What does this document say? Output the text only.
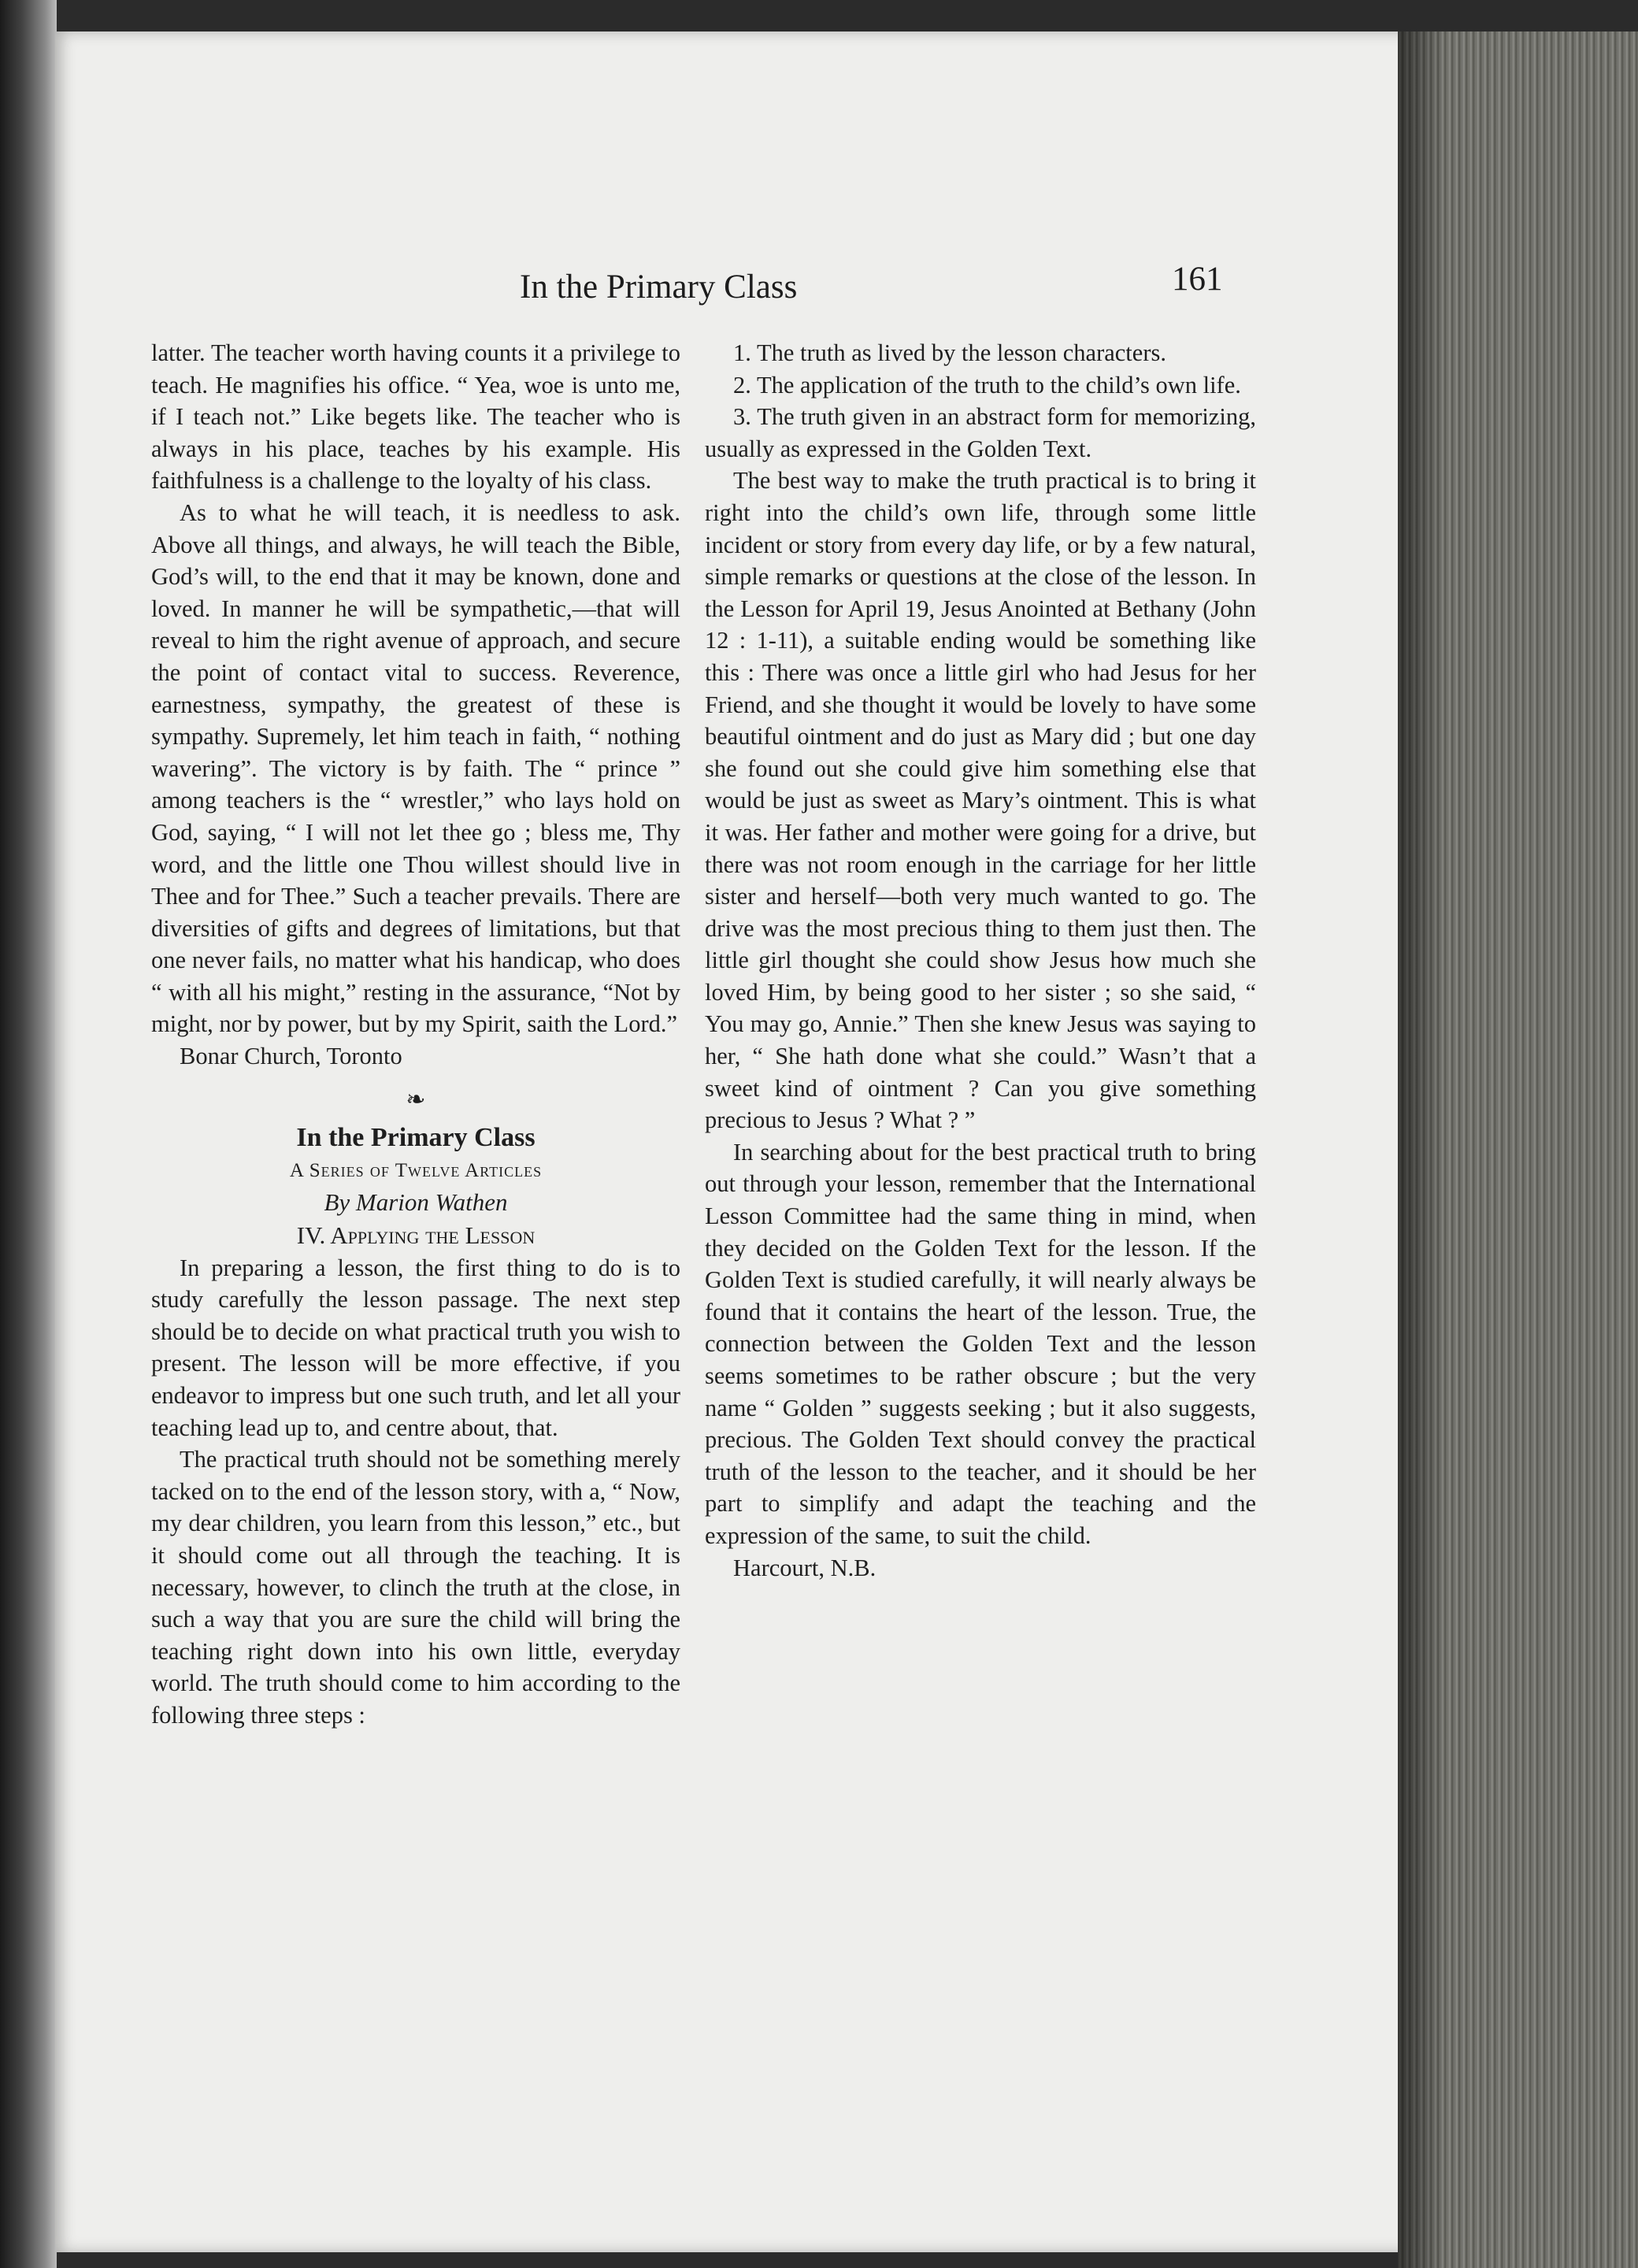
In the Primary Class	161

latter. The teacher worth having counts it a privilege to teach. He magnifies his office. “ Yea, woe is unto me, if I teach not.” Like begets like. The teacher who is always in his place, teaches by his example. His faithfulness is a challenge to the loyalty of his class.

As to what he will teach, it is needless to ask. Above all things, and always, he will teach the Bible, God’s will, to the end that it may be known, done and loved. In manner he will be sympathetic,—that will reveal to him the right avenue of approach, and secure the point of contact vital to success. Reverence, earnestness, sympathy, the greatest of these is sympathy. Supremely, let him teach in faith, “ nothing wavering”. The victory is by faith. The “ prince ” among teachers is the “ wrestler,” who lays hold on God, saying, “ I will not let thee go ; bless me, Thy word, and the little one Thou willest should live in Thee and for Thee.” Such a teacher prevails. There are diversities of gifts and degrees of limitations, but that one never fails, no matter what his handicap, who does “ with all his might,” resting in the assurance, “Not by might, nor by power, but by my Spirit, saith the Lord.”

Bonar Church, Toronto

❧
In the Primary Class
A Series of Twelve Articles
By Marion Wathen
IV. Applying the Lesson

In preparing a lesson, the first thing to do is to study carefully the lesson passage. The next step should be to decide on what practical truth you wish to present. The lesson will be more effective, if you endeavor to impress but one such truth, and let all your teaching lead up to, and centre about, that.

The practical truth should not be something merely tacked on to the end of the lesson story, with a, “ Now, my dear children, you learn from this lesson,” etc., but it should come out all through the teaching. It is necessary, however, to clinch the truth at the close, in such a way that you are sure the child will bring the teaching right down into his own little, everyday world. The truth should come to him according to the following three steps :

1. The truth as lived by the lesson characters.

2. The application of the truth to the child’s own life.

3. The truth given in an abstract form for memorizing, usually as expressed in the Golden Text.

The best way to make the truth practical is to bring it right into the child’s own life, through some little incident or story from every day life, or by a few natural, simple remarks or questions at the close of the lesson. In the Lesson for April 19, Jesus Anointed at Bethany (John 12 : 1-11), a suitable ending would be something like this : There was once a little girl who had Jesus for her Friend, and she thought it would be lovely to have some beautiful ointment and do just as Mary did ; but one day she found out she could give him something else that would be just as sweet as Mary’s ointment. This is what it was. Her father and mother were going for a drive, but there was not room enough in the carriage for her little sister and herself—both very much wanted to go. The drive was the most precious thing to them just then. The little girl thought she could show Jesus how much she loved Him, by being good to her sister ; so she said, “ You may go, Annie.” Then she knew Jesus was saying to her, “ She hath done what she could.” Wasn’t that a sweet kind of ointment ? Can you give something precious to Jesus ? What ? ”

In searching about for the best practical truth to bring out through your lesson, remember that the International Lesson Committee had the same thing in mind, when they decided on the Golden Text for the lesson. If the Golden Text is studied carefully, it will nearly always be found that it contains the heart of the lesson. True, the connection between the Golden Text and the lesson seems sometimes to be rather obscure ; but the very name “ Golden ” suggests seeking ; but it also suggests, precious. The Golden Text should convey the practical truth of the lesson to the teacher, and it should be her part to simplify and adapt the teaching and the expression of the same, to suit the child.

Harcourt, N.B.
